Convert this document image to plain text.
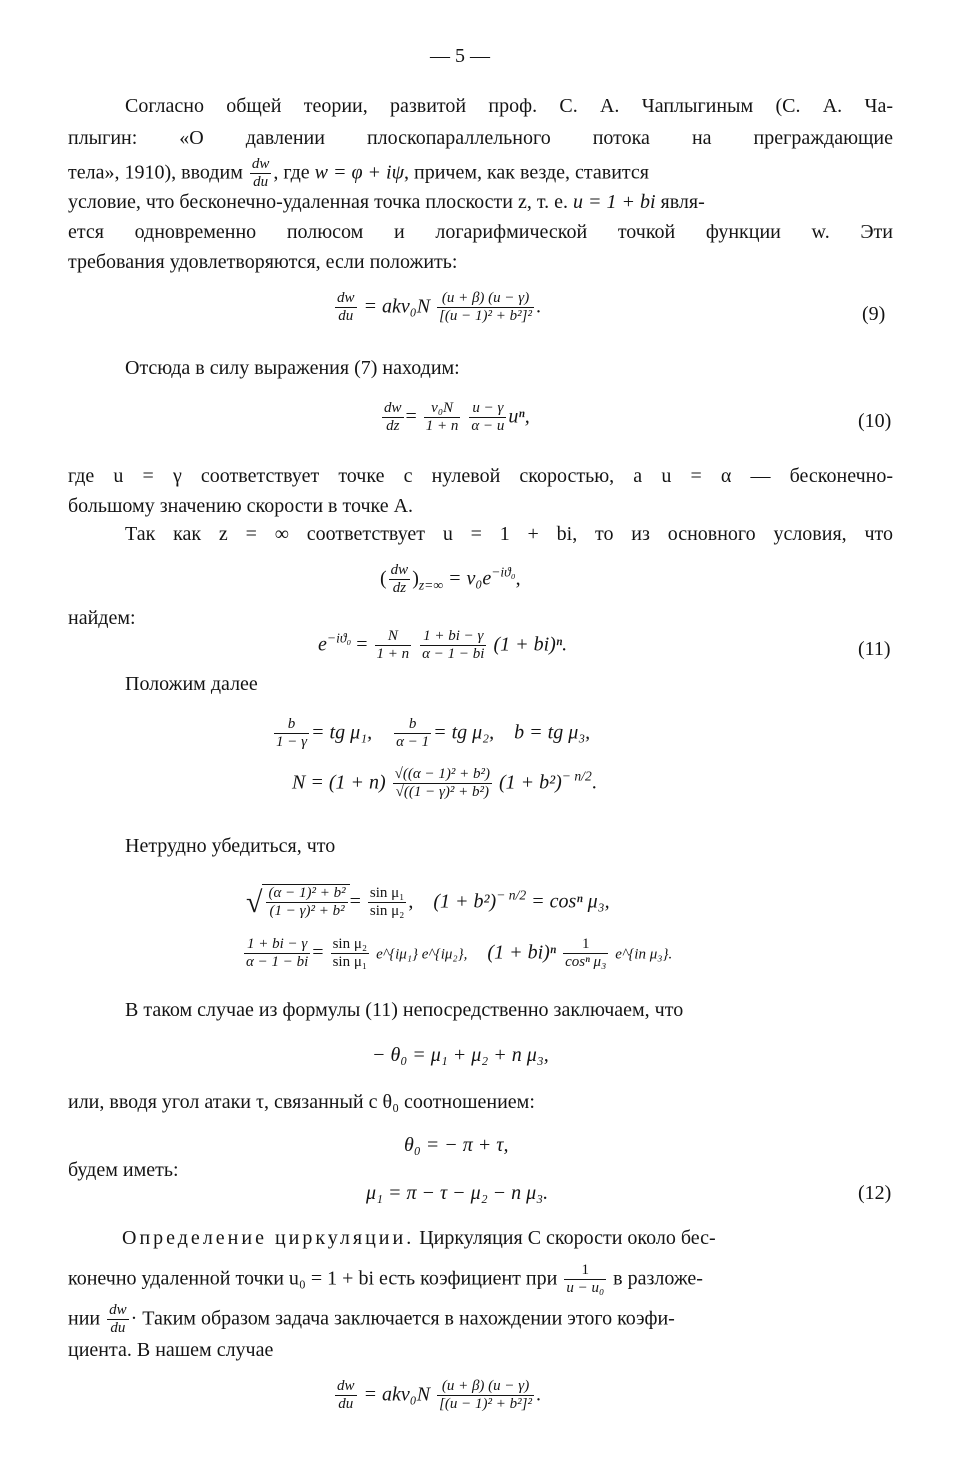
— 5 —
Согласно общей теории, развитой проф. С. А. Чаплыгиным (С. А. Ча-
плыгин: «О давлении плоскопараллельного потока на преграждающие
тела», 1910), вводим $\frac{dw}{du}$ , где w = φ + iψ, причем, как везде, ставится
условие, что бесконечно-удаленная точка плоскости z, т. е. u = 1 + bi явля-
ется одновременно полюсом и логарифмической точкой функции w. Эти
требования удовлетворяются, если положить:
$\frac{dw}{du} = akv_0N \frac{(u + \beta) (u - \gamma)}{\text{[(u − 1)² + b²]²}}$ .	(9)
Отсюда в силу выражения (7) находим:
$\frac{dw}{dz} = \frac{\text{v₀N}}{1 + n}$
$\frac{u - \gamma}{\alpha - u} u^n$,	(10)
где u = γ соответствует точке с нулевой скоростью, а u = α — бесконечно-
большому значению скорости в точке A.
Так как z = ∞ соответствует u = 1 + bi, то из основного условия, что
( $\frac{dw}{dz} )_{z=\infty} = v_0e^{-iϑ_0}$,
найдем:
$e^{-iϑ_0} = \frac{N}{1 + n}$
$\frac{1 + bi - \gamma}{\alpha - 1 - bi} (1 + bi)^n$.	(11)
Положим далее
$\frac{b}{1 - \gamma}$ = tg μ₁, $\frac{b}{\alpha - 1}$ = tg μ₂, b = tg μ₃,
$N = (1 + n) \frac{\text{√((α − 1)² + b²)}}{\text{√((1 − γ)² + b²)}} (1 + b^2)^{- n/2}$.
Нетрудно убедиться, что
√ $\frac{\text{(α − 1)² + b²}}{\text{(1 − γ)² + b²}} = \frac{\text{sin μ₁}}{\text{sin μ₂}}$ , $(1 + b^2)^{- n/2} = \cos^n$ μ₃,
$\frac{1 + bi - \gamma}{\alpha - 1 - bi} = \frac{\text{sin μ₂}}{\text{sin μ₁}}$ e^{iμ₁} e^{iμ₂}, $(1 + bi)^n \frac{1}{\text{cosⁿ μ₃}}$ e^{in μ₃}.
В таком случае из формулы (11) непосредственно заключаем, что
− θ₀ = μ₁ + μ₂ + n μ₃,
или, вводя угол атаки τ, связанный с θ₀ соотношением:
θ₀ = − π + τ,
будем иметь:
μ₁ = π − τ − μ₂ − n μ₃.	(12)
Определение циркуляции. Циркуляция C скорости около бес-
конечно удаленной точки u₀ = 1 + bi есть коэфициент при $\frac{1}{\text{u − u₀}}$ в разложе-
нии $\frac{dw}{du}$ · Таким образом задача заключается в нахождении этого коэфи-
циента. В нашем случае
$\frac{dw}{du} = akv_0N \frac{(u + \beta) (u - \gamma)}{\text{[(u − 1)² + b²]²}}$ .
